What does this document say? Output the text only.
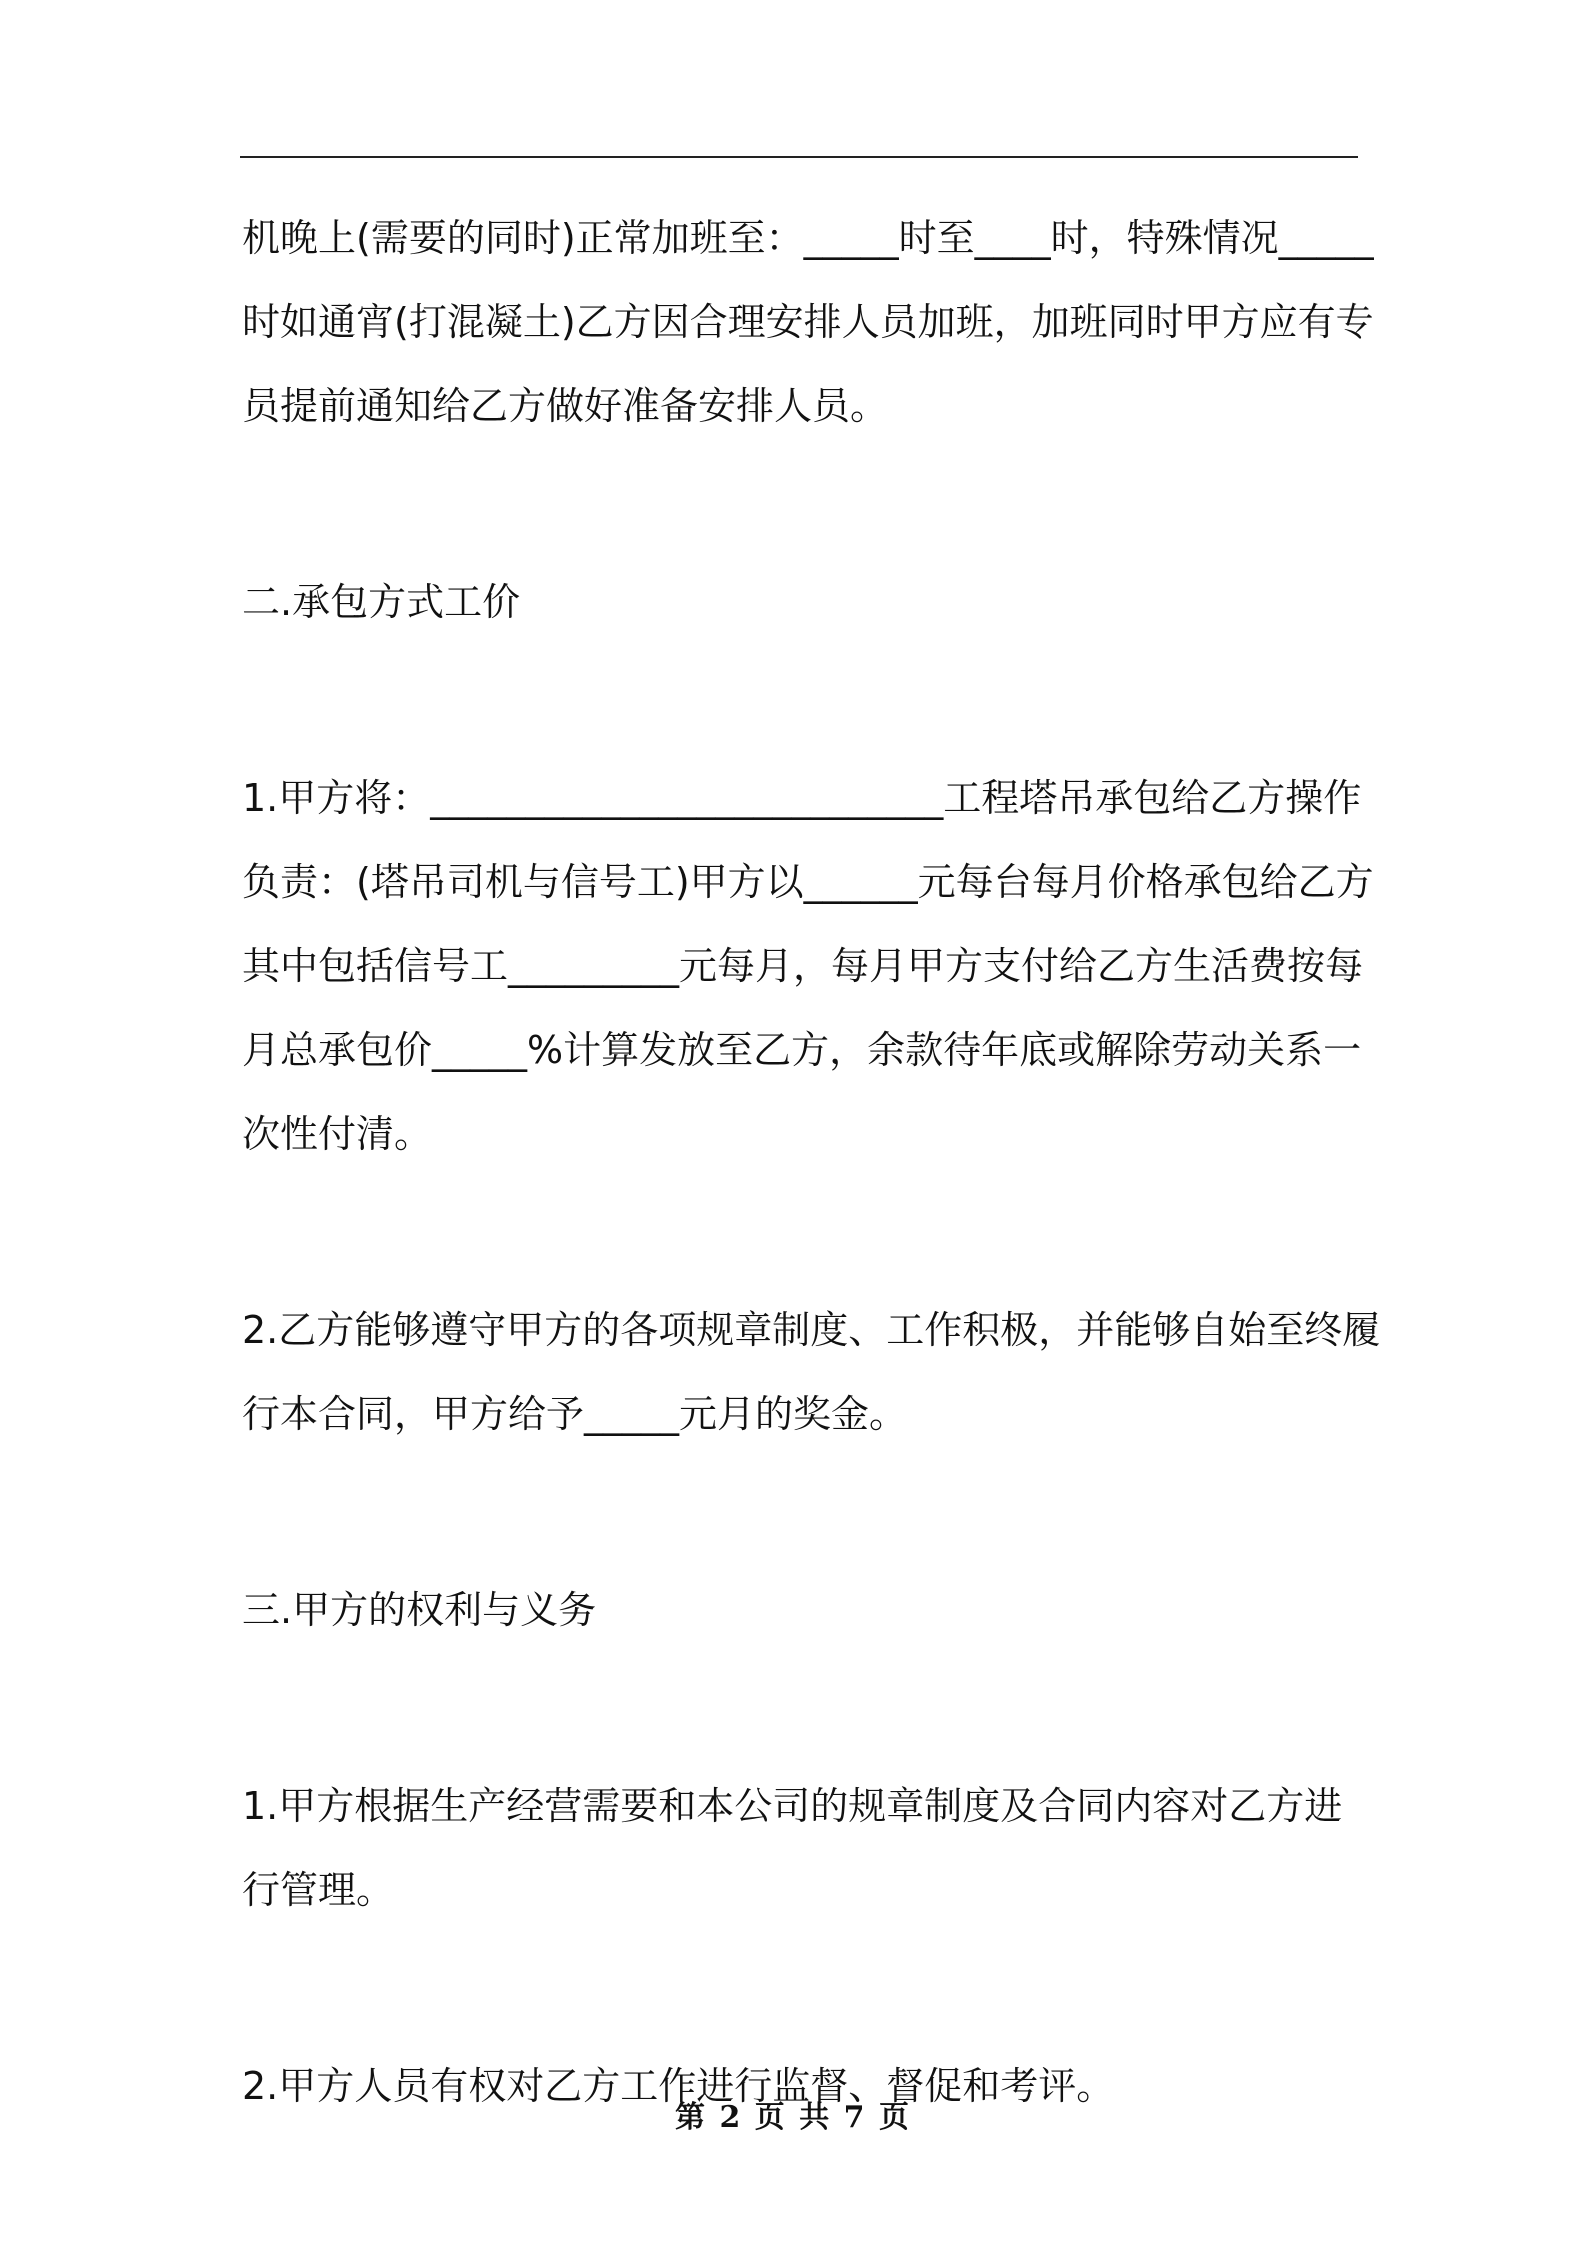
机晚上(需要的同时)正常加班至：_____时至____时，特殊情况_____
时如通宵(打混凝土)乙方因合理安排人员加班，加班同时甲方应有专
员提前通知给乙方做好准备安排人员。
二.承包方式工价
1.甲方将：___________________________工程塔吊承包给乙方操作
负责：(塔吊司机与信号工)甲方以______元每台每月价格承包给乙方
其中包括信号工_________元每月，每月甲方支付给乙方生活费按每
月总承包价_____%计算发放至乙方，余款待年底或解除劳动关系一
次性付清。
2.乙方能够遵守甲方的各项规章制度、工作积极，并能够自始至终履
行本合同，甲方给予_____元月的奖金。
三.甲方的权利与义务
1.甲方根据生产经营需要和本公司的规章制度及合同内容对乙方进
行管理。
2.甲方人员有权对乙方工作进行监督、督促和考评。
第 2 页 共 7 页
